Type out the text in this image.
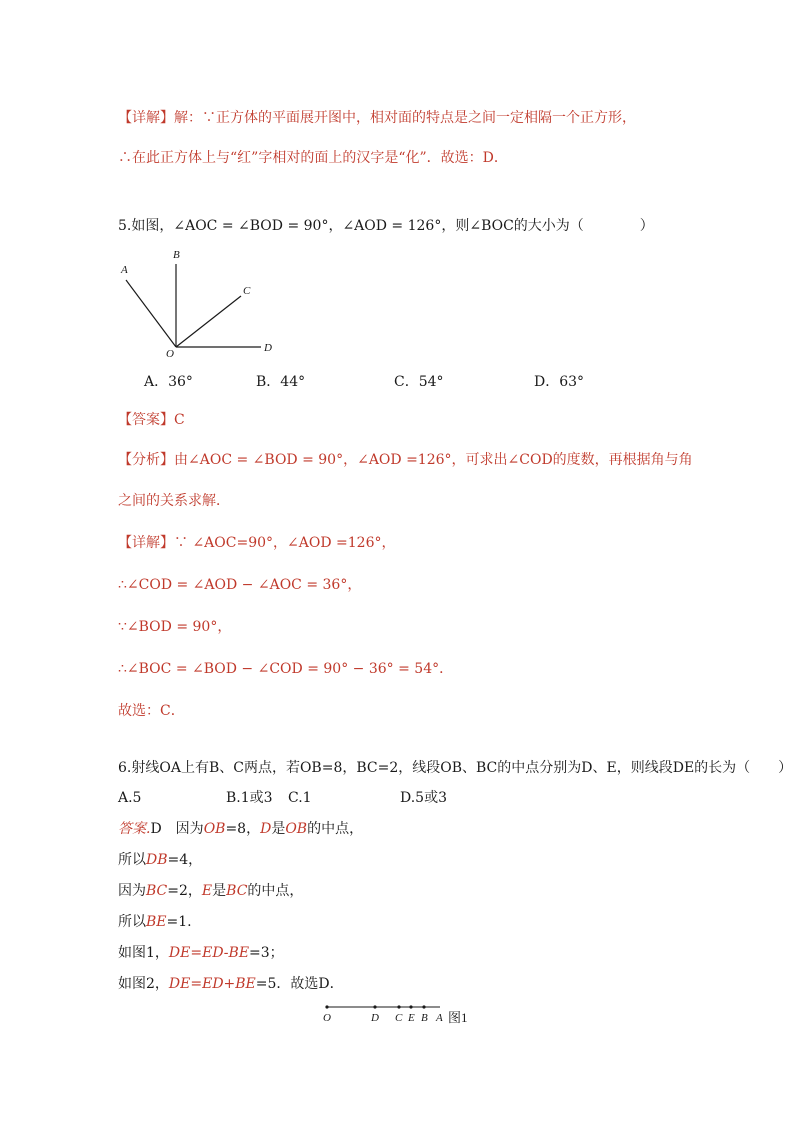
【详解】解：∵正方体的平面展开图中，相对面的特点是之间一定相隔一个正方形，
∴在此正方体上与“红”字相对的面上的汉字是“化”．故选：D．
5.如图，∠AOC = ∠BOD = 90°，∠AOD = 126°，则∠BOC的大小为（　　　　）
A
B
C
O	D
A．36°	B．44°	C．54°	D．63°
【答案】C
【分析】由∠AOC = ∠BOD = 90°，∠AOD =126°，可求出∠COD的度数，再根据角与角
之间的关系求解．
【详解】∵ ∠AOC=90°，∠AOD =126°，
∴∠COD = ∠AOD − ∠AOC = 36°，
∵∠BOD = 90°，
∴∠BOC = ∠BOD − ∠COD = 90° − 36° = 54°．
故选：C．
6.射线OA上有B、C两点，若OB=8，BC=2，线段OB、BC的中点分别为D、E，则线段DE的长为（　　）
A.5	B.1或3 C.1	D.5或3
答案.D　因为OB=8，D是OB的中点，
所以DB=4，
因为BC=2，E是BC的中点，
所以BE=1.
如图1，DE=ED-BE=3；
如图2，DE=ED+BE=5．故选D．
O	D C E B A 图1
